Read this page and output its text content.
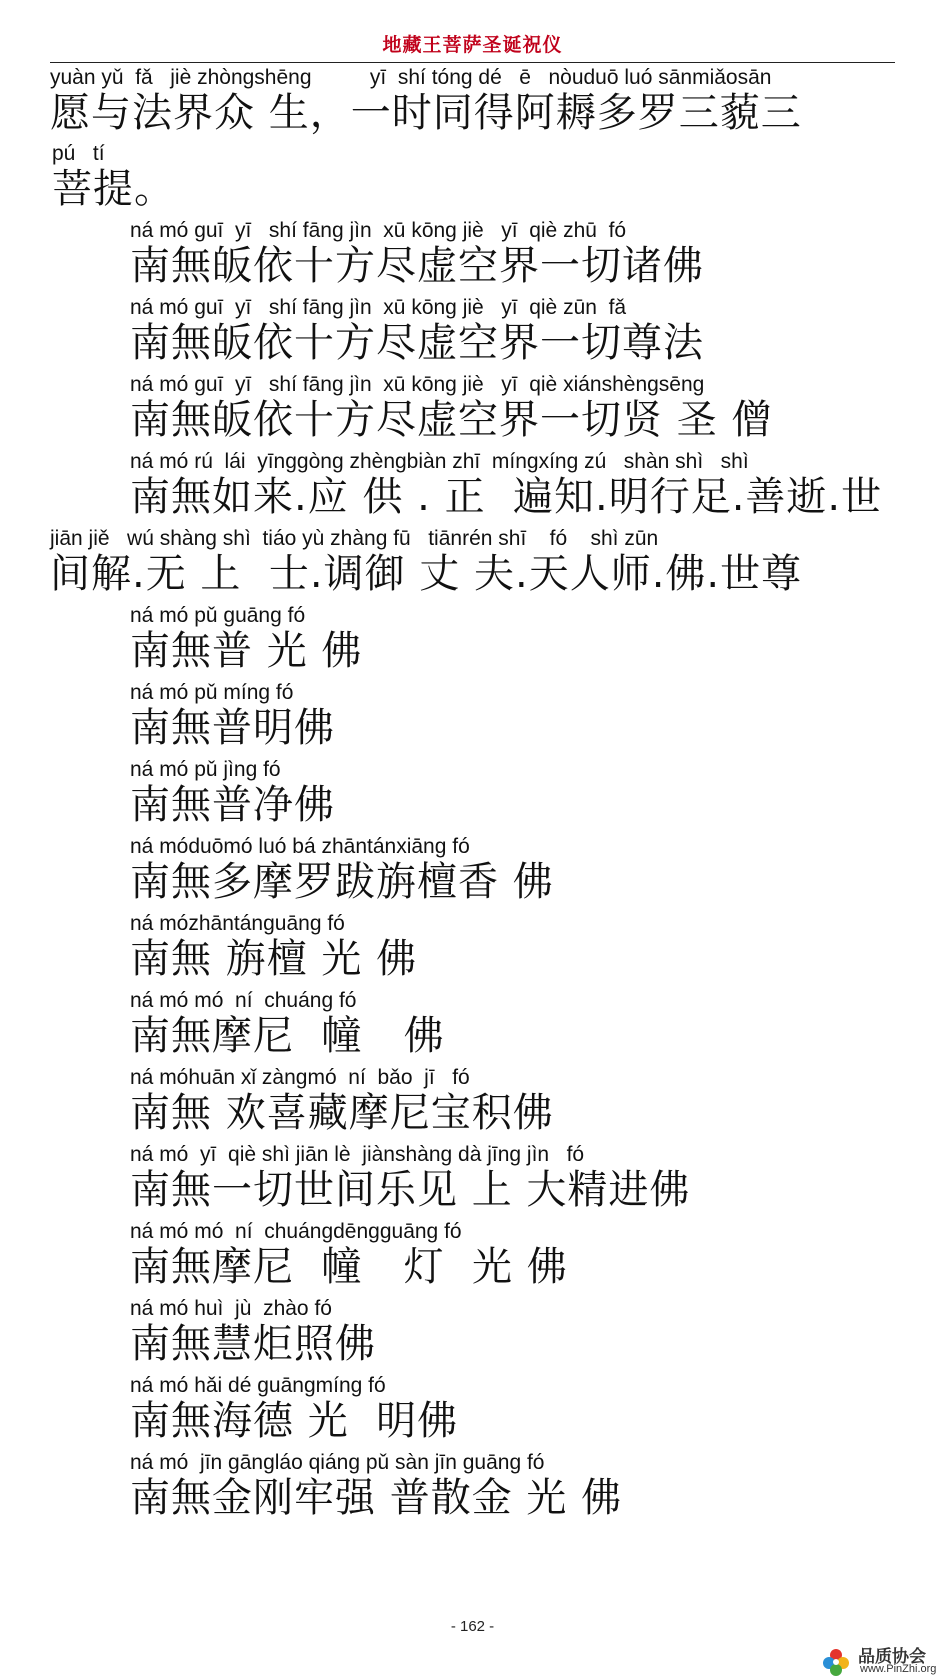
地藏王菩萨圣诞祝仪
yuàn yǔ  fǎ   jiè zhòngshēng          yī  shí tóng dé   ē   nòuduō luó sānmiǎosān
愿与法界众 生，一时同得阿耨多罗三藐三
pú   tí
菩提。
ná mó guī  yī   shí fāng jìn  xū kōng jiè   yī  qiè zhū  fó
南無皈依十方尽虚空界一切诸佛
ná mó guī  yī   shí fāng jìn  xū kōng jiè   yī  qiè zūn  fǎ
南無皈依十方尽虚空界一切尊法
ná mó guī  yī   shí fāng jìn  xū kōng jiè   yī  qiè xiánshèngsēng
南無皈依十方尽虚空界一切贤 圣 僧
ná mó rú  lái  yīnggòng zhèngbiàn zhī  míngxíng zú   shàn shì   shì
南無如来.应 供 . 正  遍知.明行足.善逝.世
jiān jiě   wú shàng shì  tiáo yù zhàng fū   tiānrén shī    fó    shì zūn
间解.无 上  士.调御 丈 夫.天人师.佛.世尊
ná mó pǔ guāng fó
南無普 光 佛
ná mó pǔ míng fó
南無普明佛
ná mó pǔ jìng fó
南無普净佛
ná móduōmó luó bá zhāntánxiāng fó
南無多摩罗跋旃檀香 佛
ná mózhāntánguāng fó
南無 旃檀 光 佛
ná mó mó  ní  chuáng fó
南無摩尼  幢   佛
ná móhuān xǐ zàngmó  ní  bǎo  jī   fó
南無 欢喜藏摩尼宝积佛
ná mó  yī  qiè shì jiān lè  jiànshàng dà jīng jìn   fó
南無一切世间乐见 上 大精进佛
ná mó mó  ní  chuángdēngguāng fó
南無摩尼  幢   灯  光 佛
ná mó huì  jù  zhào fó
南無慧炬照佛
ná mó hǎi dé guāngmíng fó
南無海德 光  明佛
ná mó  jīn gāngláo qiáng pǔ sàn jīn guāng fó
南無金刚牢强 普散金 光 佛
- 162 -
品质协会
www.PinZhi.org
